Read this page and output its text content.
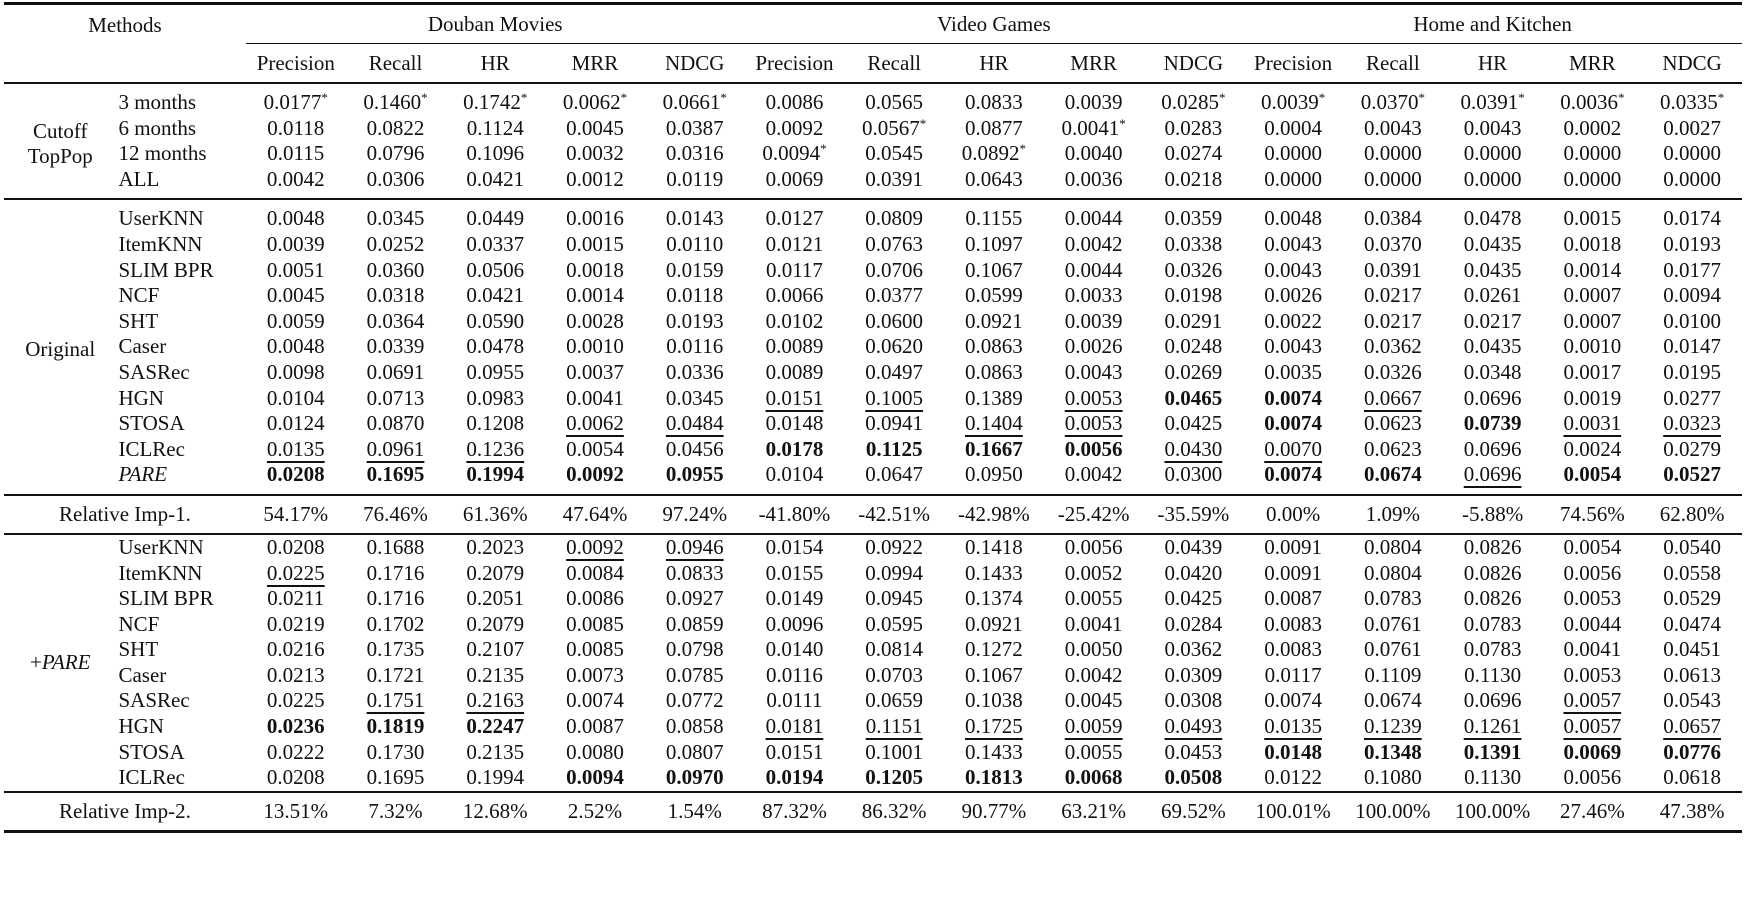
Methods		Douban Movies					Video Games					Home and Kitchen				
		Precision	Recall	HR	MRR	NDCG	Precision	Recall	HR	MRR	NDCG	Precision	Recall	HR	MRR	NDCG

Cutoff
TopPop	3 months	0.0177*	0.1460*	0.1742*	0.0062*	0.0661*	0.0086	0.0565	0.0833	0.0039	0.0285*	0.0039*	0.0370*	0.0391*	0.0036*	0.0335*
	6 months	0.0118	0.0822	0.1124	0.0045	0.0387	0.0092	0.0567*	0.0877	0.0041*	0.0283	0.0004	0.0043	0.0043	0.0002	0.0027
	12 months	0.0115	0.0796	0.1096	0.0032	0.0316	0.0094*	0.0545	0.0892*	0.0040	0.0274	0.0000	0.0000	0.0000	0.0000	0.0000
	ALL	0.0042	0.0306	0.0421	0.0012	0.0119	0.0069	0.0391	0.0643	0.0036	0.0218	0.0000	0.0000	0.0000	0.0000	0.0000

Original	UserKNN	0.0048	0.0345	0.0449	0.0016	0.0143	0.0127	0.0809	0.1155	0.0044	0.0359	0.0048	0.0384	0.0478	0.0015	0.0174
	ItemKNN	0.0039	0.0252	0.0337	0.0015	0.0110	0.0121	0.0763	0.1097	0.0042	0.0338	0.0043	0.0370	0.0435	0.0018	0.0193
	SLIM BPR	0.0051	0.0360	0.0506	0.0018	0.0159	0.0117	0.0706	0.1067	0.0044	0.0326	0.0043	0.0391	0.0435	0.0014	0.0177
	NCF	0.0045	0.0318	0.0421	0.0014	0.0118	0.0066	0.0377	0.0599	0.0033	0.0198	0.0026	0.0217	0.0261	0.0007	0.0094
	SHT	0.0059	0.0364	0.0590	0.0028	0.0193	0.0102	0.0600	0.0921	0.0039	0.0291	0.0022	0.0217	0.0217	0.0007	0.0100
	Caser	0.0048	0.0339	0.0478	0.0010	0.0116	0.0089	0.0620	0.0863	0.0026	0.0248	0.0043	0.0362	0.0435	0.0010	0.0147
	SASRec	0.0098	0.0691	0.0955	0.0037	0.0336	0.0089	0.0497	0.0863	0.0043	0.0269	0.0035	0.0326	0.0348	0.0017	0.0195
	HGN	0.0104	0.0713	0.0983	0.0041	0.0345	0.0151	0.1005	0.1389	0.0053	0.0465	0.0074	0.0667	0.0696	0.0019	0.0277
	STOSA	0.0124	0.0870	0.1208	0.0062	0.0484	0.0148	0.0941	0.1404	0.0053	0.0425	0.0074	0.0623	0.0739	0.0031	0.0323
	ICLRec	0.0135	0.0961	0.1236	0.0054	0.0456	0.0178	0.1125	0.1667	0.0056	0.0430	0.0070	0.0623	0.0696	0.0024	0.0279
	PARE	0.0208	0.1695	0.1994	0.0092	0.0955	0.0104	0.0647	0.0950	0.0042	0.0300	0.0074	0.0674	0.0696	0.0054	0.0527
Relative Imp-1.		54.17%	76.46%	61.36%	47.64%	97.24%	-41.80%	-42.51%	-42.98%	-25.42%	-35.59%	0.00%	1.09%	-5.88%	74.56%	62.80%
+PARE	UserKNN	0.0208	0.1688	0.2023	0.0092	0.0946	0.0154	0.0922	0.1418	0.0056	0.0439	0.0091	0.0804	0.0826	0.0054	0.0540
	ItemKNN	0.0225	0.1716	0.2079	0.0084	0.0833	0.0155	0.0994	0.1433	0.0052	0.0420	0.0091	0.0804	0.0826	0.0056	0.0558
	SLIM BPR	0.0211	0.1716	0.2051	0.0086	0.0927	0.0149	0.0945	0.1374	0.0055	0.0425	0.0087	0.0783	0.0826	0.0053	0.0529
	NCF	0.0219	0.1702	0.2079	0.0085	0.0859	0.0096	0.0595	0.0921	0.0041	0.0284	0.0083	0.0761	0.0783	0.0044	0.0474
	SHT	0.0216	0.1735	0.2107	0.0085	0.0798	0.0140	0.0814	0.1272	0.0050	0.0362	0.0083	0.0761	0.0783	0.0041	0.0451
	Caser	0.0213	0.1721	0.2135	0.0073	0.0785	0.0116	0.0703	0.1067	0.0042	0.0309	0.0117	0.1109	0.1130	0.0053	0.0613
	SASRec	0.0225	0.1751	0.2163	0.0074	0.0772	0.0111	0.0659	0.1038	0.0045	0.0308	0.0074	0.0674	0.0696	0.0057	0.0543
	HGN	0.0236	0.1819	0.2247	0.0087	0.0858	0.0181	0.1151	0.1725	0.0059	0.0493	0.0135	0.1239	0.1261	0.0057	0.0657
	STOSA	0.0222	0.1730	0.2135	0.0080	0.0807	0.0151	0.1001	0.1433	0.0055	0.0453	0.0148	0.1348	0.1391	0.0069	0.0776
	ICLRec	0.0208	0.1695	0.1994	0.0094	0.0970	0.0194	0.1205	0.1813	0.0068	0.0508	0.0122	0.1080	0.1130	0.0056	0.0618
Relative Imp-2.		13.51%	7.32%	12.68%	2.52%	1.54%	87.32%	86.32%	90.77%	63.21%	69.52%	100.01%	100.00%	100.00%	27.46%	47.38%
